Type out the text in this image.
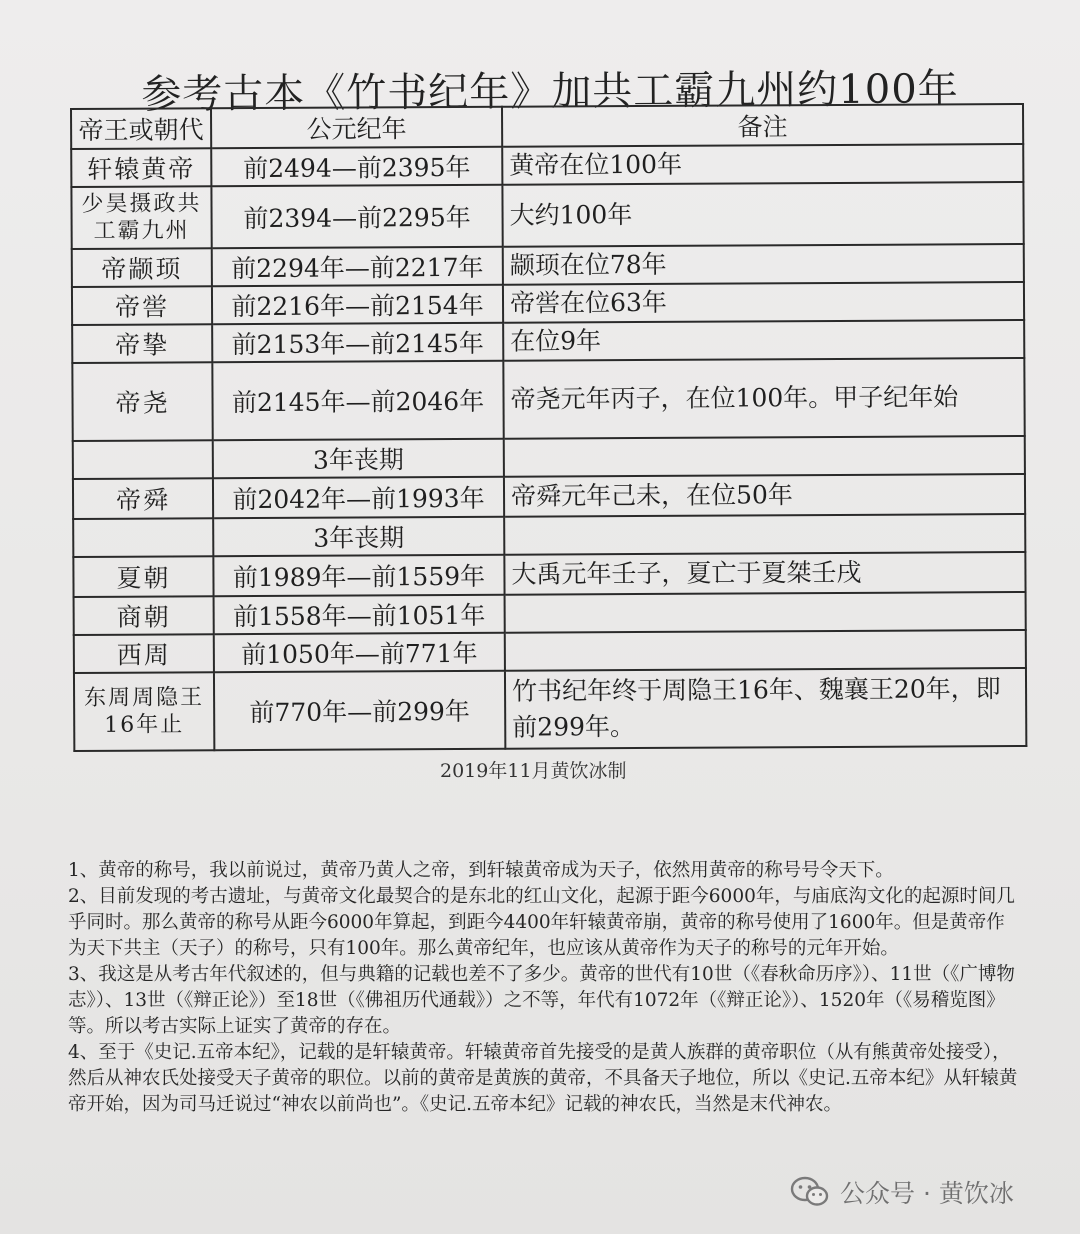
参考古本《竹书纪年》加共工霸九州约100年
帝王或朝代	公元纪年	备注
轩辕黄帝	前2494—前2395年	黄帝在位100年
少昊摄政共工霸九州	前2394—前2295年	大约100年
帝颛顼	前2294年—前2217年	颛顼在位78年
帝喾	前2216年—前2154年	帝喾在位63年
帝挚	前2153年—前2145年	在位9年
帝尧	前2145年—前2046年	帝尧元年丙子，在位100年。甲子纪年始
	3年丧期	
帝舜	前2042年—前1993年	帝舜元年己未，在位50年
	3年丧期	
夏朝	前1989年—前1559年	大禹元年壬子，夏亡于夏桀壬戌
商朝	前1558年—前1051年	
西周	前1050年—前771年	
东周周隐王16年止	前770年—前299年	竹书纪年终于周隐王16年、魏襄王20年，即前299年。
2019年11月黄饮冰制

1、黄帝的称号，我以前说过，黄帝乃黄人之帝，到轩辕黄帝成为天子，依然用黄帝的称号号令天下。

2、目前发现的考古遗址，与黄帝文化最契合的是东北的红山文化，起源于距今6000年，与庙底沟文化的起源时间几乎同时。那么黄帝的称号从距今6000年算起，到距今4400年轩辕黄帝崩，黄帝的称号使用了1600年。但是黄帝作为天下共主（天子）的称号，只有100年。那么黄帝纪年，也应该从黄帝作为天子的称号的元年开始。

3、我这是从考古年代叙述的，但与典籍的记载也差不了多少。黄帝的世代有10世（《春秋命历序》）、11世（《广博物志》）、13世（《辩正论》）至18世（《佛祖历代通载》）之不等，年代有1072年（《辩正论》）、1520年（《易稽览图》等。所以考古实际上证实了黄帝的存在。

4、至于《史记.五帝本纪》，记载的是轩辕黄帝。轩辕黄帝首先接受的是黄人族群的黄帝职位（从有熊黄帝处接受），然后从神农氏处接受天子黄帝的职位。以前的黄帝是黄族的黄帝，不具备天子地位，所以《史记.五帝本纪》从轩辕黄帝开始，因为司马迁说过“神农以前尚也”。《史记.五帝本纪》记载的神农氏，当然是末代神农。

公众号 · 黄饮冰
